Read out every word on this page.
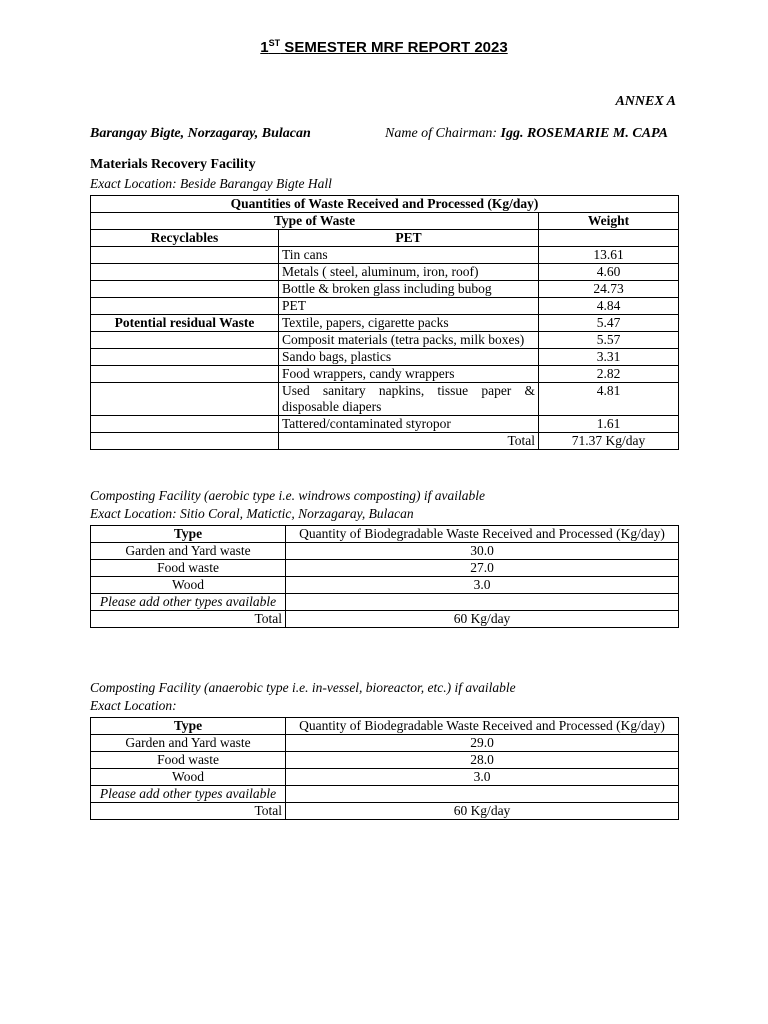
1ST SEMESTER MRF REPORT 2023
ANNEX A
Barangay Bigte, Norzagaray, Bulacan	Name of Chairman: Igg. ROSEMARIE M. CAPA
Materials Recovery Facility
Exact Location: Beside Barangay Bigte Hall
Quantities of Waste Received and Processed (Kg/day)		
Type of Waste		Weight
Recyclables	PET	
	Tin cans	13.61
	Metals ( steel, aluminum, iron, roof)	4.60
	Bottle & broken glass including bubog	24.73
	PET	4.84
Potential residual Waste	Textile, papers, cigarette packs	5.47
	Composit materials (tetra packs, milk boxes)	5.57
	Sando bags, plastics	3.31
	Food wrappers, candy wrappers	2.82
	Used sanitary napkins, tissue paper & disposable diapers	4.81
	Tattered/contaminated styropor	1.61
	Total	71.37 Kg/day
Composting Facility (aerobic type i.e. windrows composting) if available
Exact Location: Sitio Coral, Matictic, Norzagaray, Bulacan
Type	Quantity of Biodegradable Waste Received and Processed (Kg/day)
Garden and Yard waste	30.0
Food waste	27.0
Wood	3.0
Please add other types available	
Total	60 Kg/day
Composting Facility (anaerobic type i.e. in-vessel, bioreactor, etc.) if available
Exact Location:
Type	Quantity of Biodegradable Waste Received and Processed (Kg/day)
Garden and Yard waste	29.0
Food waste	28.0
Wood	3.0
Please add other types available	
Total	60 Kg/day
